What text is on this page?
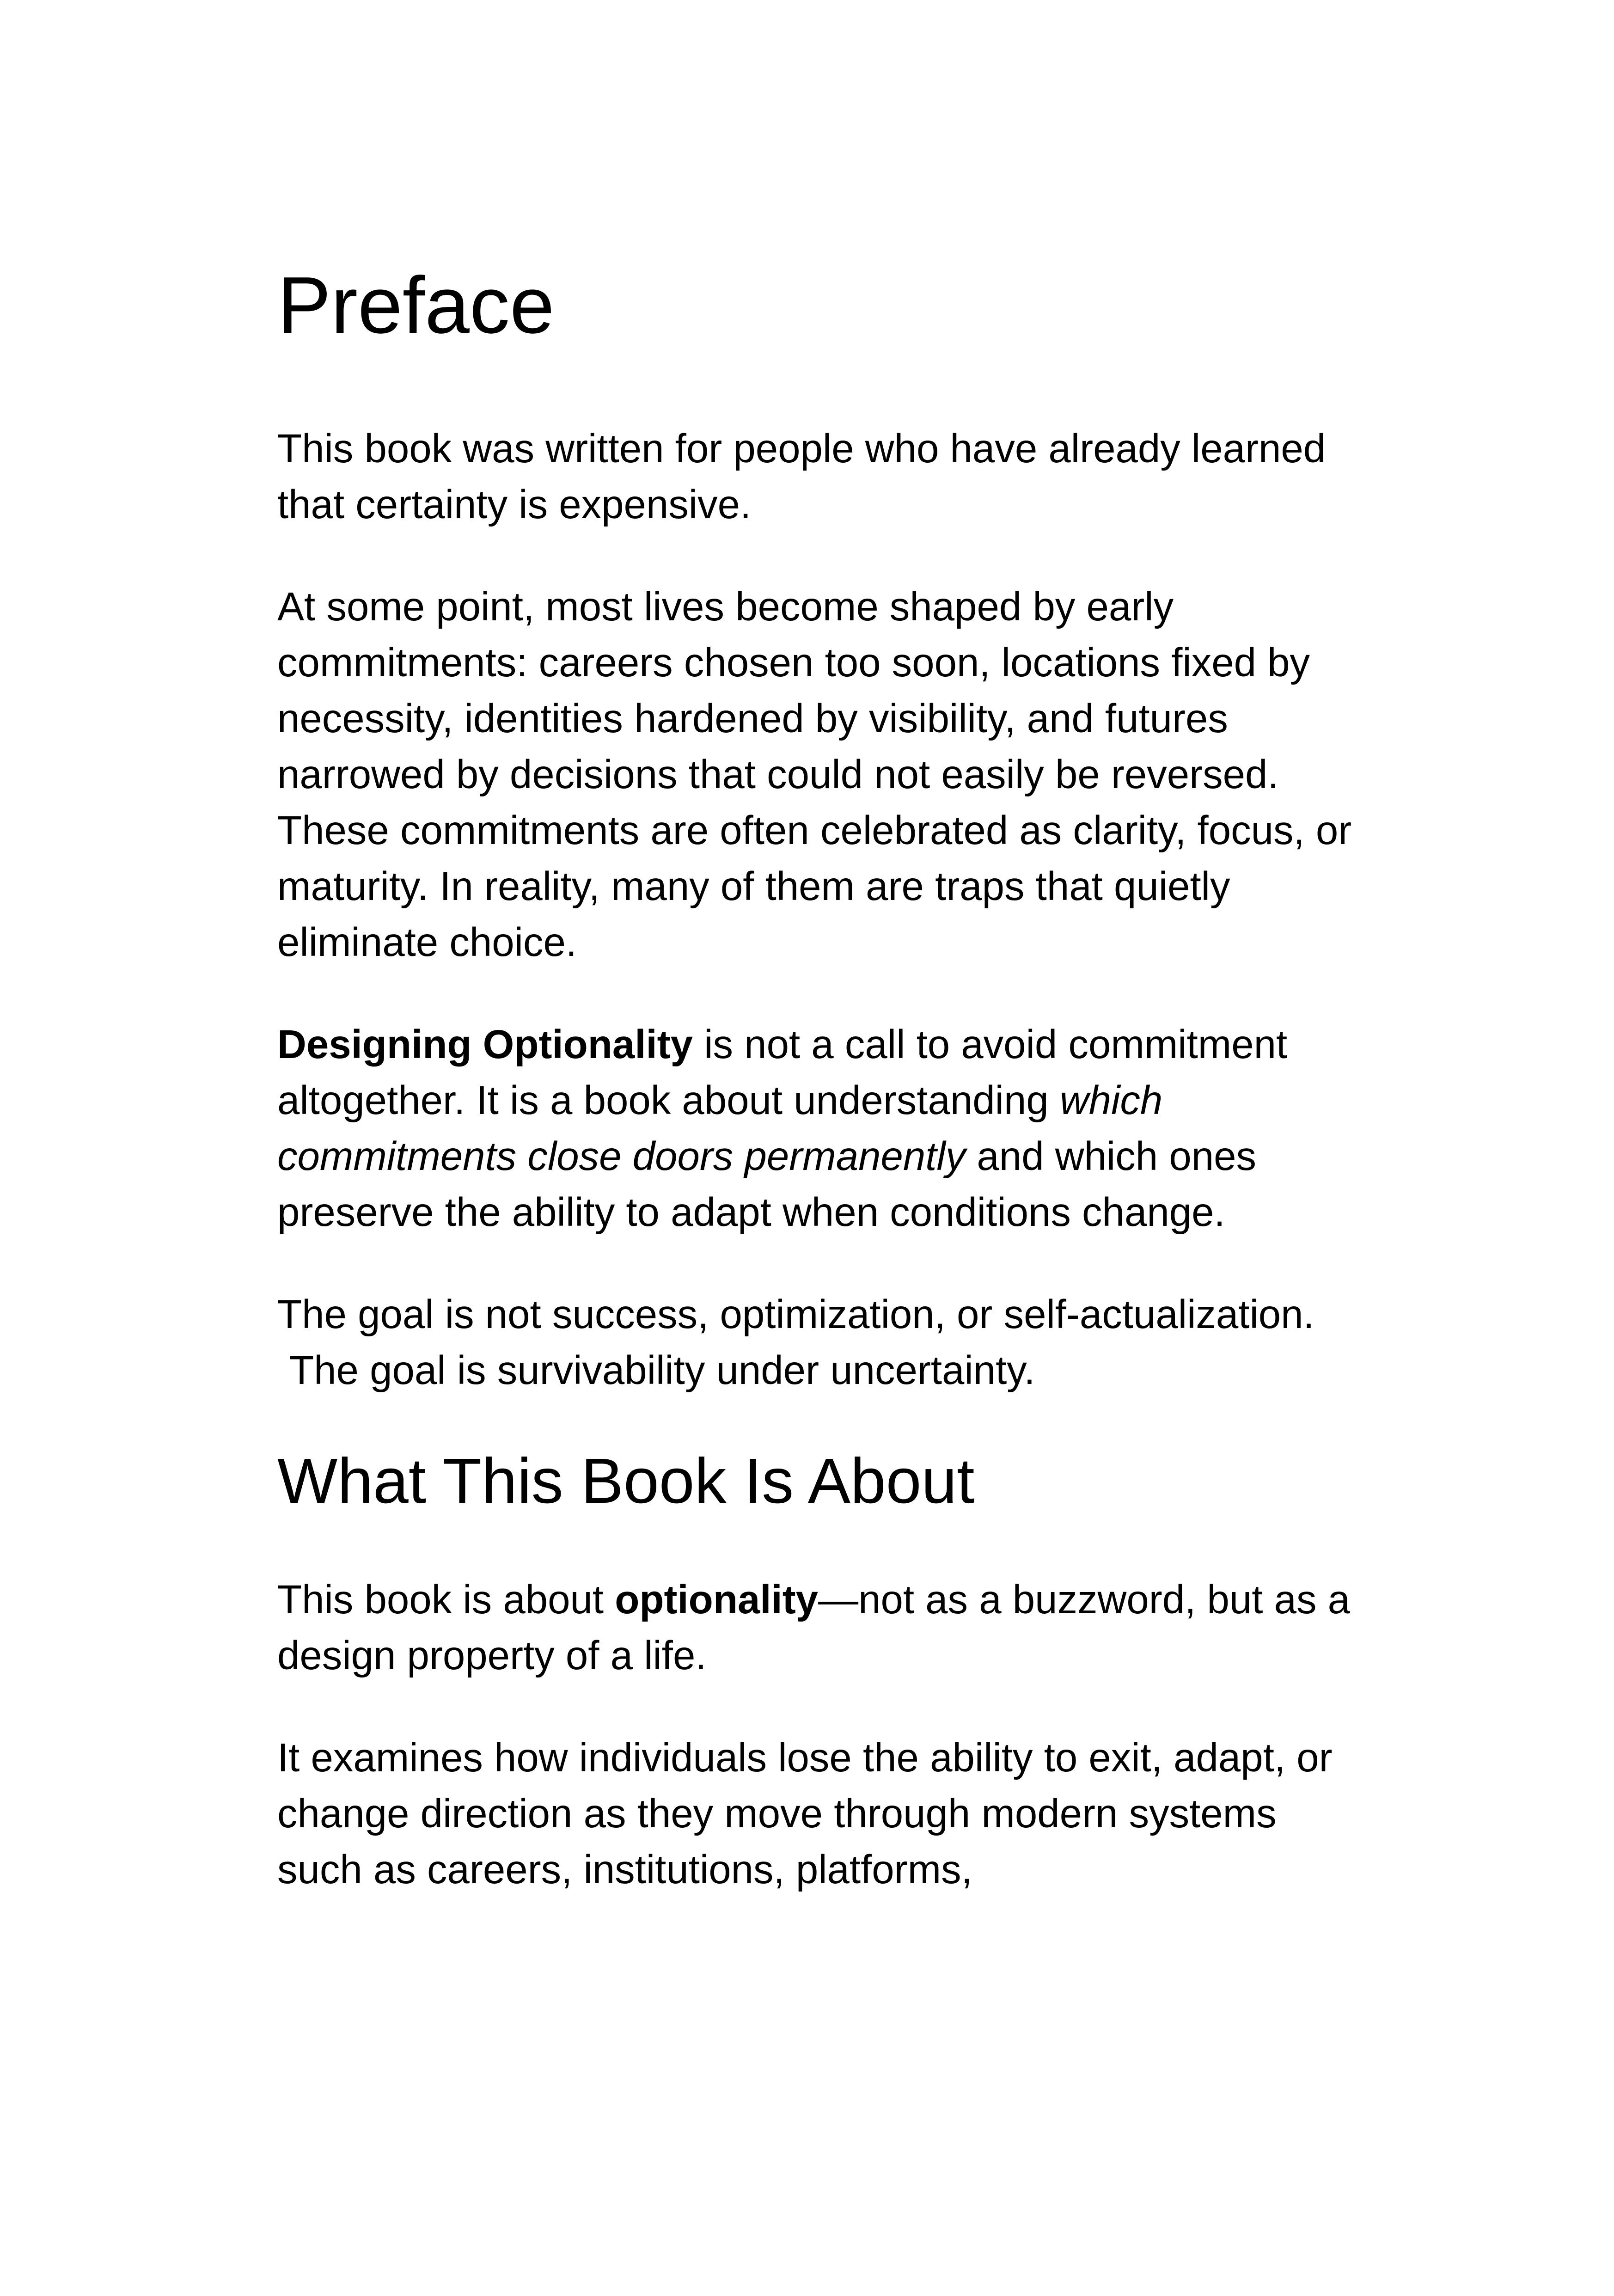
Preface

This book was written for people who have already learned that certainty is expensive.

At some point, most lives become shaped by early commitments: careers chosen too soon, locations fixed by necessity, identities hardened by visibility, and futures narrowed by decisions that could not easily be reversed. These commitments are often celebrated as clarity, focus, or maturity. In reality, many of them are traps that quietly eliminate choice.

Designing Optionality is not a call to avoid commitment altogether. It is a book about understanding which commitments close doors permanently and which ones preserve the ability to adapt when conditions change.

The goal is not success, optimization, or self-actualization.
The goal is survivability under uncertainty.

What This Book Is About

This book is about optionality—not as a buzzword, but as a design property of a life.

It examines how individuals lose the ability to exit, adapt, or change direction as they move through modern systems such as careers, institutions, platforms,
